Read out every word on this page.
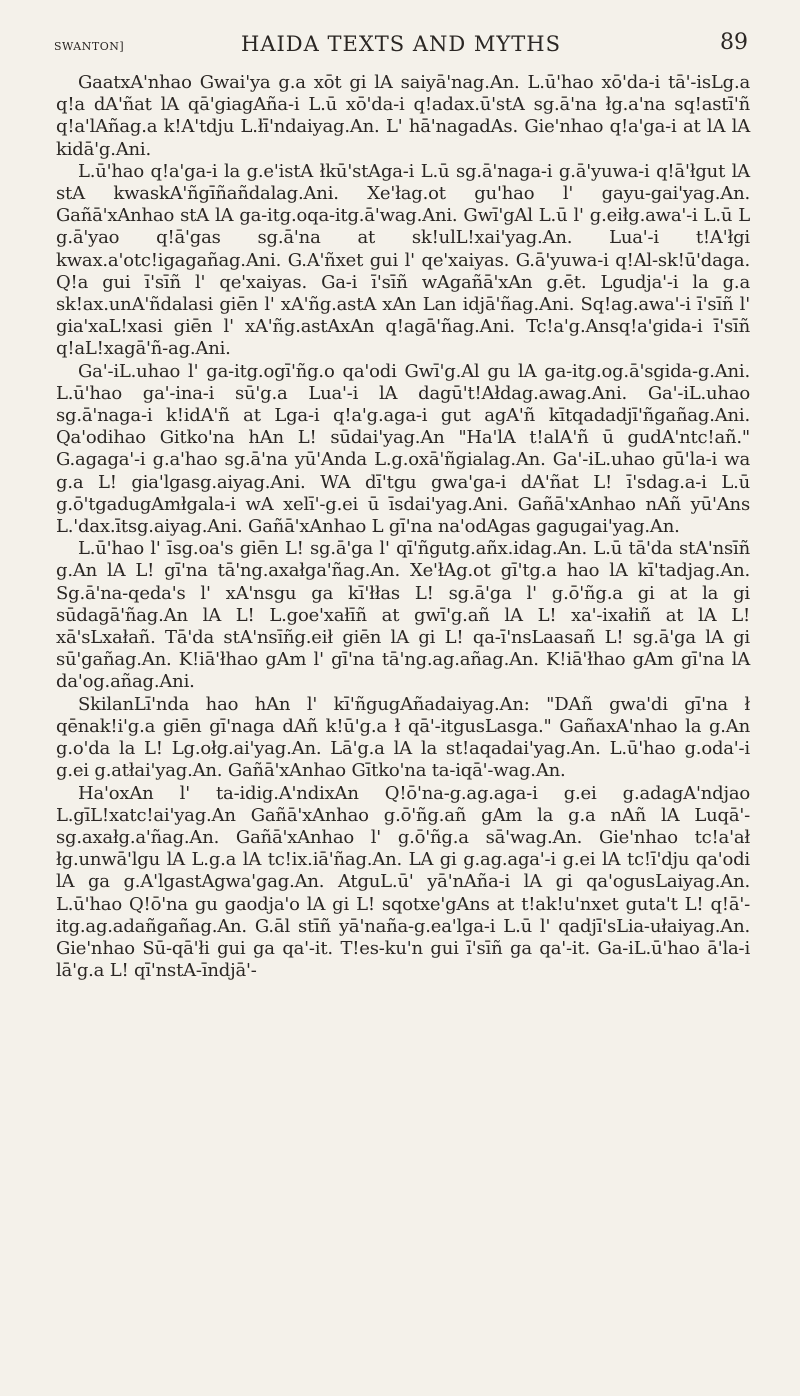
SWANTON]	HAIDA TEXTS AND MYTHS	89

GaatxA'nhao Gwai'ya g.a xōt gi lA saiyā'nag.An. L.ū'hao xō'da-i tā'-isLg.a q!a dA'ñat lA qā'giagAña-i L.ū xō'da-i q!adax.ū'stA sg.ā'na łg.a'na sq!astī'ñ q!a'lAñag.a k!A'tdju L.łī'ndaiyag.An. L' hā'nagadAs. Gie'nhao q!a'ga-i at lA lA kidā'g.Ani.

L.ū'hao q!a'ga-i la g.e'istA łkū'stAga-i L.ū sg.ā'naga-i g.ā'yuwa-i q!ā'łgut lA stA kwaskA'ñgīñañdalag.Ani. Xe'łag.ot gu'hao l' gayu-gai'yag.An. Gañā'xAnhao stA lA ga-itg.oqa-itg.ā'wag.Ani. Gwī'gAl L.ū l' g.eiłg.awa'-i L.ū L g.ā'yao q!ā'gas sg.ā'na at sk!ulL!xai'yag.An. Lua'-i t!A'łgi kwax.a'otc!igagañag.Ani. G.A'ñxet gui l' qe'xaiyas. G.ā'yuwa-i q!Al-sk!ū'daga. Q!a gui ī'sīñ l' qe'xaiyas. Ga-i ī'sīñ wAgañā'xAn g.ēt. Lgudja'-i la g.a sk!ax.unA'ñdalasi giēn l' xA'ñg.astA xAn Lan idjā'ñag.Ani. Sq!ag.awa'-i ī'sīñ l' gia'xaL!xasi giēn l' xA'ñg.astAxAn q!agā'ñag.Ani. Tc!a'g.Ansq!a'gida-i ī'sīñ q!aL!xagā'ñ-ag.Ani.

Ga'-iL.uhao l' ga-itg.ogī'ñg.o qa'odi Gwī'g.Al gu lA ga-itg.og.ā'sgida-g.Ani. L.ū'hao ga'-ina-i sū'g.a Lua'-i lA dagū't!Ałdag.awag.Ani. Ga'-iL.uhao sg.ā'naga-i k!idA'ñ at Lga-i q!a'g.aga-i gut agA'ñ kītqadadjī'ñgañag.Ani. Qa'odihao Gitko'na hAn L! sūdai'yag.An "Ha'lA t!alA'ñ ū gudA'ntc!añ." G.agaga'-i g.a'hao sg.ā'na yū'Anda L.g.oxā'ñgialag.An. Ga'-iL.uhao gū'la-i wa g.a L! gia'lgasg.aiyag.Ani. WA dī'tgu gwa'ga-i dA'ñat L! ī'sdag.a-i L.ū g.ō'tgadugAmłgala-i wA xelī'-g.ei ū īsdai'yag.Ani. Gañā'xAnhao nAñ yū'Ans L.'dax.ītsg.aiyag.Ani. Gañā'xAnhao L gī'na na'odAgas gagugai'yag.An.

L.ū'hao l' īsg.oa's giēn L! sg.ā'ga l' qī'ñgutg.añx.idag.An. L.ū tā'da stA'nsīñ g.An lA L! gī'na tā'ng.axałga'ñag.An. Xe'łAg.ot gī'tg.a hao lA kī'tadjag.An. Sg.ā'na-qeda's l' xA'nsgu ga kī'łłas L! sg.ā'ga l' g.ō'ñg.a gi at la gi sūdagā'ñag.An lA L! L.goe'xałīñ at gwī'g.añ lA L! xa'-ixałiñ at lA L! xā'sLxałañ. Tā'da stA'nsīñg.eił giēn lA gi L! qa-ī'nsLaasañ L! sg.ā'ga lA gi sū'gañag.An. K!iā'łhao gAm l' gī'na tā'ng.ag.añag.An. K!iā'łhao gAm gī'na lA da'og.añag.Ani.

SkilanLī'nda hao hAn l' kī'ñgugAñadaiyag.An: "DAñ gwa'di gī'na ł qēnak!i'g.a giēn gī'naga dAñ k!ū'g.a ł qā'-itgusLasga." GañaxA'nhao la g.An g.o'da la L! Lg.ołg.ai'yag.An. Lā'g.a lA la st!aqadai'yag.An. L.ū'hao g.oda'-i g.ei g.atłai'yag.An. Gañā'xAnhao Gītko'na ta-iqā'-wag.An.

Ha'oxAn l' ta-idig.A'ndixAn Q!ō'na-g.ag.aga-i g.ei g.adagA'ndjao L.gīL!xatc!ai'yag.An Gañā'xAnhao g.ō'ñg.añ gAm la g.a nAñ lA Luqā'-sg.axałg.a'ñag.An. Gañā'xAnhao l' g.ō'ñg.a sā'wag.An. Gie'nhao tc!a'ał łg.unwā'lgu lA L.g.a lA tc!ix.iā'ñag.An. LA gi g.ag.aga'-i g.ei lA tc!ī'dju qa'odi lA ga g.A'lgastAgwa'gag.An. AtguL.ū' yā'nAña-i lA gi qa'ogusLaiyag.An. L.ū'hao Q!ō'na gu gaodja'o lA gi L! sqotxe'gAns at t!ak!u'nxet guta't L! q!ā'-itg.ag.adañgañag.An. G.āl stīñ yā'naña-g.ea'lga-i L.ū l' qadjī'sLia-ułaiyag.An. Gie'nhao Sū-qā'łi gui ga qa'-it. T!es-ku'n gui ī'sīñ ga qa'-it. Ga-iL.ū'hao ā'la-i lā'g.a L! qī'nstA-īndjā'-
